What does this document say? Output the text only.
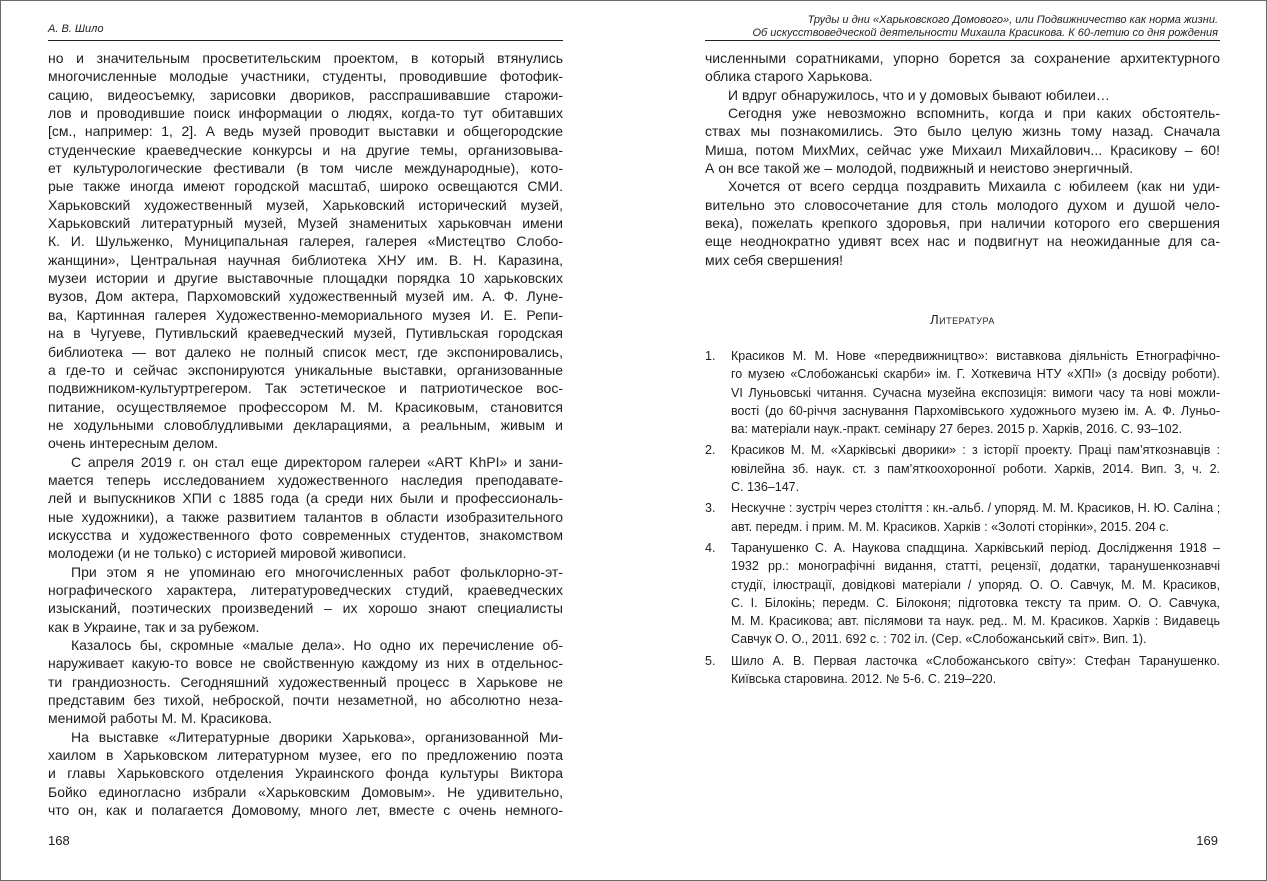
А. В. Шило
Труды и дни «Харьковского Домового», или Подвижничество как норма жизни.
Об искусствоведческой деятельности Михаила Красикова. К 60-летию со дня рождения
но и значительным просветительским проектом, в который втянулись
многочисленные молодые участники, студенты, проводившие фотофик-
сацию, видеосъемку, зарисовки двориков, расспрашивавшие старожи-
лов и проводившие поиск информации о людях, когда-то тут обитавших
[см., например: 1, 2]. А ведь музей проводит выставки и общегородские
студенческие краеведческие конкурсы и на другие темы, организовыва-
ет культурологические фестивали (в том числе международные), кото-
рые также иногда имеют городской масштаб, широко освещаются СМИ.
Харьковский художественный музей, Харьковский исторический музей,
Харьковский литературный музей, Музей знаменитых харьковчан имени
К. И. Шульженко, Муниципальная галерея, галерея «Мистецтво Слобо-
жанщини», Центральная научная библиотека ХНУ им. В. Н. Каразина,
музеи истории и другие выставочные площадки порядка 10 харьковских
вузов, Дом актера, Пархомовский художественный музей им. А. Ф. Луне-
ва, Картинная галерея Художественно-мемориального музея И. Е. Репи-
на в Чугуеве, Путивльский краеведческий музей, Путивльская городская
библиотека — вот далеко не полный список мест, где экспонировались,
а где-то и сейчас экспонируются уникальные выставки, организованные
подвижником-культуртрегером. Так эстетическое и патриотическое вос-
питание, осуществляемое профессором М. М. Красиковым, становится
не ходульными словоблудливыми декларациями, а реальным, живым и
очень интересным делом.
С апреля 2019 г. он стал еще директором галереи «ART KhPI» и зани-
мается теперь исследованием художественного наследия преподавате-
лей и выпускников ХПИ с 1885 года (а среди них были и профессиональ-
ные художники), а также развитием талантов в области изобразительного
искусства и художественного фото современных студентов, знакомством
молодежи (и не только) с историей мировой живописи.
При этом я не упоминаю его многочисленных работ фольклорно-эт-
нографического характера, литературоведческих студий, краеведческих
изысканий, поэтических произведений – их хорошо знают специалисты
как в Украине, так и за рубежом.
Казалось бы, скромные «малые дела». Но одно их перечисление об-
наруживает какую-то вовсе не свойственную каждому из них в отдельнос-
ти грандиозность. Сегодняшний художественный процесс в Харькове не
представим без тихой, неброской, почти незаметной, но абсолютно неза-
менимой работы М. М. Красикова.
На выставке «Литературные дворики Харькова», организованной Ми-
хаилом в Харьковском литературном музее, его по предложению поэта
и главы Харьковского отделения Украинского фонда культуры Виктора
Бойко единогласно избрали «Харьковским Домовым». Не удивительно,
что он, как и полагается Домовому, много лет, вместе с очень немного-
численными соратниками, упорно борется за сохранение архитектурного
облика старого Харькова.
И вдруг обнаружилось, что и у домовых бывают юбилеи…
Сегодня уже невозможно вспомнить, когда и при каких обстоятель-
ствах мы познакомились. Это было целую жизнь тому назад. Сначала
Миша, потом МихМих, сейчас уже Михаил Михайлович... Красикову – 60!
А он все такой же – молодой, подвижный и неистово энергичный.
Хочется от всего сердца поздравить Михаила с юбилеем (как ни уди-
вительно это словосочетание для столь молодого духом и душой чело-
века), пожелать крепкого здоровья, при наличии которого его свершения
еще неоднократно удивят всех нас и подвигнут на неожиданные для са-
мих себя свершения!
Литература
1. Красиков М. М. Нове «передвижництво»: виставкова діяльність Етнографічно-
го музею «Слобожанські скарби» ім. Г. Хоткевича НТУ «ХПІ» (з досвіду роботи).
VI Луньовські читання. Сучасна музейна експозиція: вимоги часу та нові можли-
вості (до 60-річчя заснування Пархомівського художнього музею ім. А. Ф. Луньо-
ва: матеріали наук.-практ. семінару 27 берез. 2015 р. Харків, 2016. С. 93–102.
2. Красиков М. М. «Харківські дворики» : з історії проекту. Праці пам’яткознавців :
ювілейна зб. наук. ст. з пам’яткоохоронної роботи. Харків, 2014. Вип. 3, ч. 2.
С. 136–147.
3. Нескучне : зустріч через століття : кн.-альб. / упоряд. М. М. Красиков, Н. Ю. Саліна ;
авт. передм. і прим. М. М. Красиков. Харків : «Золоті сторінки», 2015. 204 с.
4. Таранушенко С. А. Наукова спадщина. Харківський період. Дослідження 1918 –
1932 рр.: монографічні видання, статті, рецензії, додатки, таранушенкознавчі
студії, ілюстрації, довідкові матеріали / упоряд. О. О. Савчук, М. М. Красиков,
С. І. Білокінь; передм. С. Білоконя; підготовка тексту та прим. О. О. Савчука,
М. М. Красикова; авт. післямови та наук. ред.. М. М. Красиков. Харків : Видавець
Савчук О. О., 2011. 692 с. : 702 іл. (Сер. «Слобожанський світ». Вип. 1).
5. Шило А. В. Первая ласточка «Слобожанського світу»: Стефан Таранушенко.
Київська старовина. 2012. № 5-6. С. 219–220.
168	169
